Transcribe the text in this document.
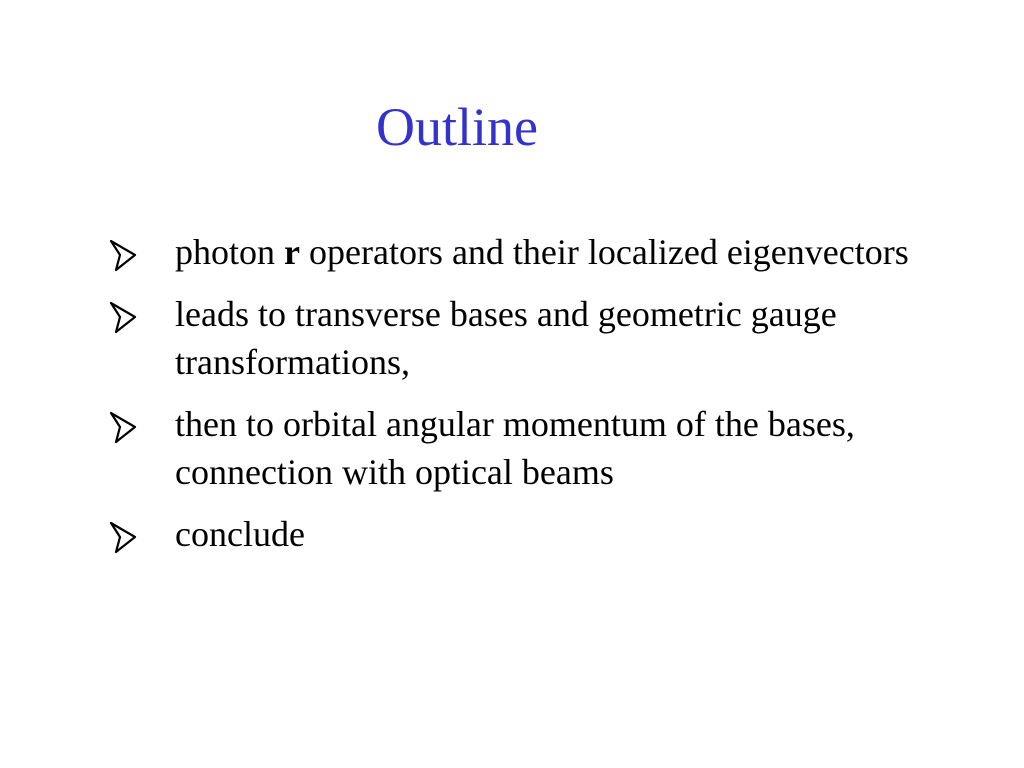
Outline
photon r operators and their localized eigenvectors
leads to transverse bases and geometric gauge transformations,
then to orbital angular momentum of the bases, connection with optical beams
conclude
